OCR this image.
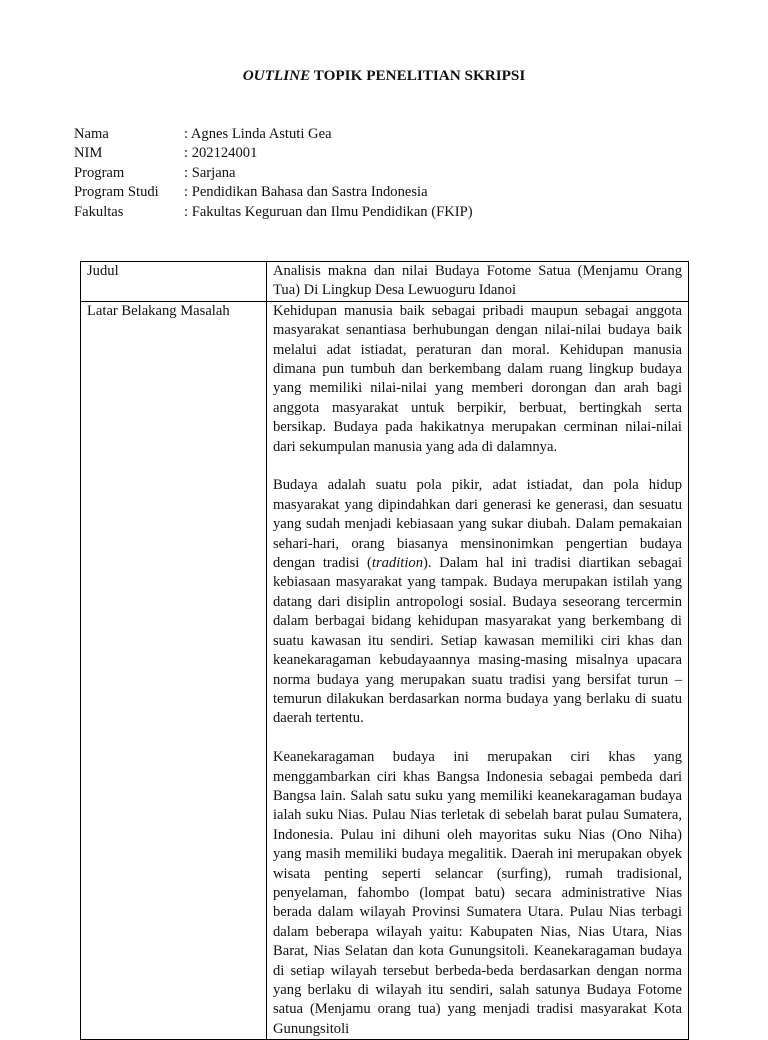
OUTLINE TOPIK PENELITIAN SKRIPSI
Nama	: Agnes Linda Astuti Gea
NIM	: 202124001
Program	: Sarjana
Program Studi	: Pendidikan Bahasa dan Sastra Indonesia
Fakultas	: Fakultas Keguruan dan Ilmu Pendidikan (FKIP)
Judul	Analisis makna dan nilai Budaya Fotome Satua (Menjamu Orang Tua) Di Lingkup Desa Lewuoguru Idanoi
Latar Belakang Masalah	Kehidupan manusia baik sebagai pribadi maupun sebagai anggota masyarakat senantiasa berhubungan dengan nilai-nilai budaya baik melalui adat istiadat, peraturan dan moral. Kehidupan manusia dimana pun tumbuh dan berkembang dalam ruang lingkup budaya yang memiliki nilai-nilai yang memberi dorongan dan arah bagi anggota masyarakat untuk berpikir, berbuat, bertingkah serta bersikap. Budaya pada hakikatnya merupakan cerminan nilai-nilai dari sekumpulan manusia yang ada di dalamnya.

Budaya adalah suatu pola pikir, adat istiadat, dan pola hidup masyarakat yang dipindahkan dari generasi ke generasi, dan sesuatu yang sudah menjadi kebiasaan yang sukar diubah. Dalam pemakaian sehari-hari, orang biasanya mensinonimkan pengertian budaya dengan tradisi (tradition). Dalam hal ini tradisi diartikan sebagai kebiasaan masyarakat yang tampak. Budaya merupakan istilah yang datang dari disiplin antropologi sosial. Budaya seseorang tercermin dalam berbagai bidang kehidupan masyarakat yang berkembang di suatu kawasan itu sendiri. Setiap kawasan memiliki ciri khas dan keanekaragaman kebudayaannya masing-masing misalnya upacara norma budaya yang merupakan suatu tradisi yang bersifat turun –temurun dilakukan berdasarkan norma budaya yang berlaku di suatu daerah tertentu.

Keanekaragaman budaya ini merupakan ciri khas yang menggambarkan ciri khas Bangsa Indonesia sebagai pembeda dari Bangsa lain. Salah satu suku yang memiliki keanekaragaman budaya ialah suku Nias. Pulau Nias terletak di sebelah barat pulau Sumatera, Indonesia. Pulau ini dihuni oleh mayoritas suku Nias (Ono Niha) yang masih memiliki budaya megalitik. Daerah ini merupakan obyek wisata penting seperti selancar (surfing), rumah tradisional, penyelaman, fahombo (lompat batu) secara administrative Nias berada dalam wilayah Provinsi Sumatera Utara. Pulau Nias terbagi dalam beberapa wilayah yaitu: Kabupaten Nias, Nias Utara, Nias Barat, Nias Selatan dan kota Gunungsitoli. Keanekaragaman budaya di setiap wilayah tersebut berbeda-beda berdasarkan dengan norma yang berlaku di wilayah itu sendiri, salah satunya Budaya Fotome satua (Menjamu orang tua) yang menjadi tradisi masyarakat Kota Gunungsitoli
